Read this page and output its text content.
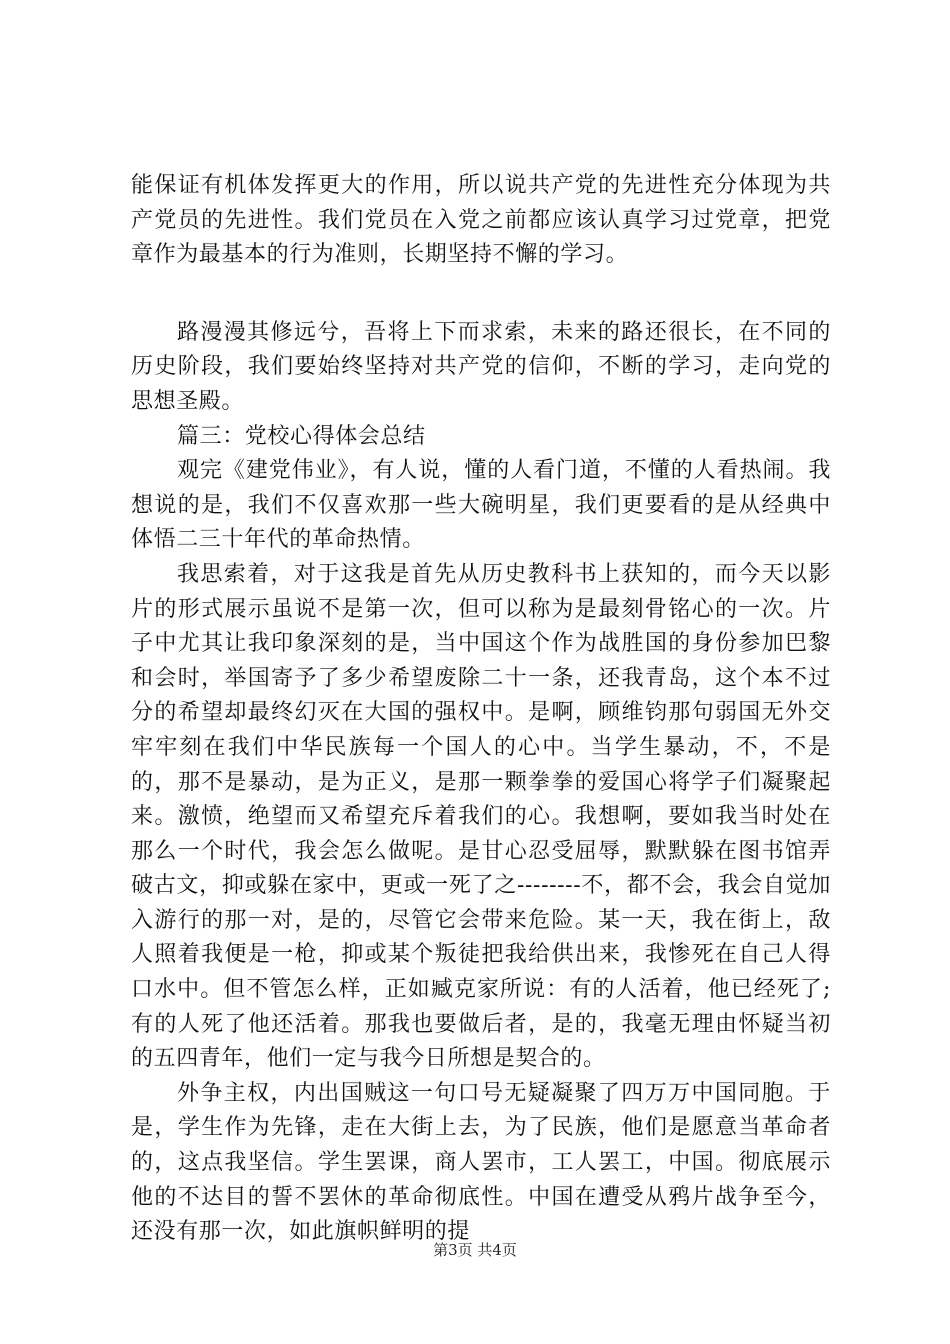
能保证有机体发挥更大的作用，所以说共产党的先进性充分体现为共产党员的先进性。我们党员在入党之前都应该认真学习过党章，把党章作为最基本的行为准则，长期坚持不懈的学习。

路漫漫其修远兮，吾将上下而求索，未来的路还很长，在不同的历史阶段，我们要始终坚持对共产党的信仰，不断的学习，走向党的思想圣殿。

篇三：党校心得体会总结

观完《建党伟业》，有人说，懂的人看门道，不懂的人看热闹。我想说的是，我们不仅喜欢那一些大碗明星，我们更要看的是从经典中体悟二三十年代的革命热情。

我思索着，对于这我是首先从历史教科书上获知的，而今天以影片的形式展示虽说不是第一次，但可以称为是最刻骨铭心的一次。片子中尤其让我印象深刻的是，当中国这个作为战胜国的身份参加巴黎和会时，举国寄予了多少希望废除二十一条，还我青岛，这个本不过分的希望却最终幻灭在大国的强权中。是啊，顾维钧那句弱国无外交牢牢刻在我们中华民族每一个国人的心中。当学生暴动，不，不是的，那不是暴动，是为正义，是那一颗拳拳的爱国心将学子们凝聚起来。激愤，绝望而又希望充斥着我们的心。我想啊，要如我当时处在那么一个时代，我会怎么做呢。是甘心忍受屈辱，默默躲在图书馆弄破古文，抑或躲在家中，更或一死了之--------不，都不会，我会自觉加入游行的那一对，是的，尽管它会带来危险。某一天，我在街上，敌人照着我便是一枪，抑或某个叛徒把我给供出来，我惨死在自己人得口水中。但不管怎么样，正如臧克家所说：有的人活着，他已经死了;有的人死了他还活着。那我也要做后者，是的，我毫无理由怀疑当初的五四青年，他们一定与我今日所想是契合的。

外争主权，内出国贼这一句口号无疑凝聚了四万万中国同胞。于是，学生作为先锋，走在大街上去，为了民族，他们是愿意当革命者的，这点我坚信。学生罢课，商人罢市，工人罢工，中国。彻底展示他的不达目的誓不罢休的革命彻底性。中国在遭受从鸦片战争至今，还没有那一次，如此旗帜鲜明的提

第3页 共4页
